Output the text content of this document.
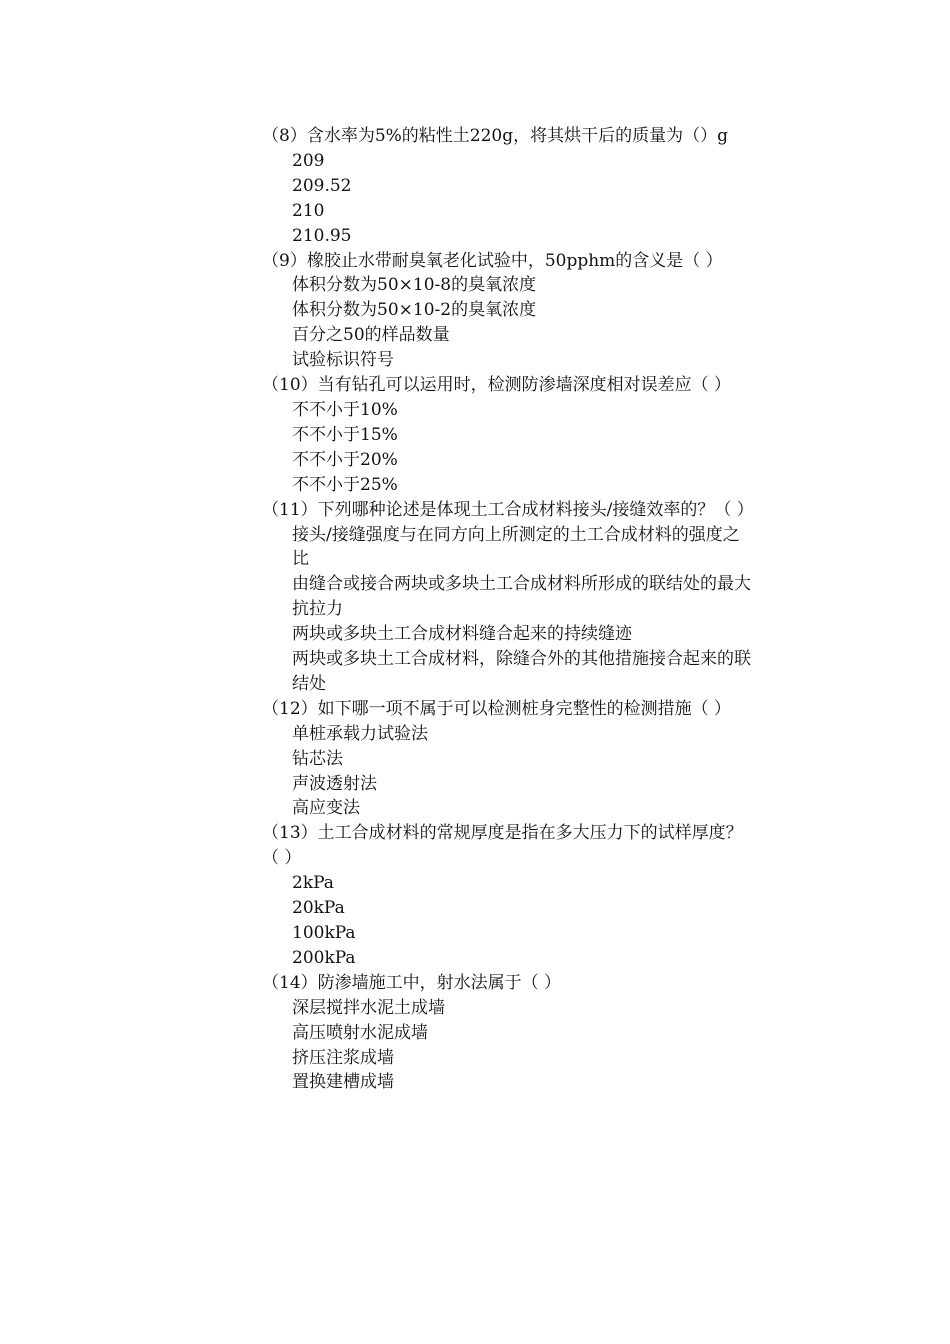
（8）含水率为5%的粘性土220g，将其烘干后的质量为（）g

209

209.52

210

210.95

（9）橡胶止水带耐臭氧老化试验中，50pphm的含义是（ ）

体积分数为50×10-8的臭氧浓度

体积分数为50×10-2的臭氧浓度

百分之50的样品数量

试验标识符号

（10）当有钻孔可以运用时，检测防渗墙深度相对误差应（ ）

不不小于10%

不不小于15%

不不小于20%

不不小于25%

（11）下列哪种论述是体现土工合成材料接头/接缝效率的？（ ）

接头/接缝强度与在同方向上所测定的土工合成材料的强度之比

由缝合或接合两块或多块土工合成材料所形成的联结处的最大抗拉力

两块或多块土工合成材料缝合起来的持续缝迹

两块或多块土工合成材料，除缝合外的其他措施接合起来的联结处

（12）如下哪一项不属于可以检测桩身完整性的检测措施（ ）

单桩承载力试验法

钻芯法

声波透射法

高应变法

（13）土工合成材料的常规厚度是指在多大压力下的试样厚度？（ ）

2kPa

20kPa

100kPa

200kPa

（14）防渗墙施工中，射水法属于（ ）

深层搅拌水泥土成墙

高压喷射水泥成墙

挤压注浆成墙

置换建槽成墙
